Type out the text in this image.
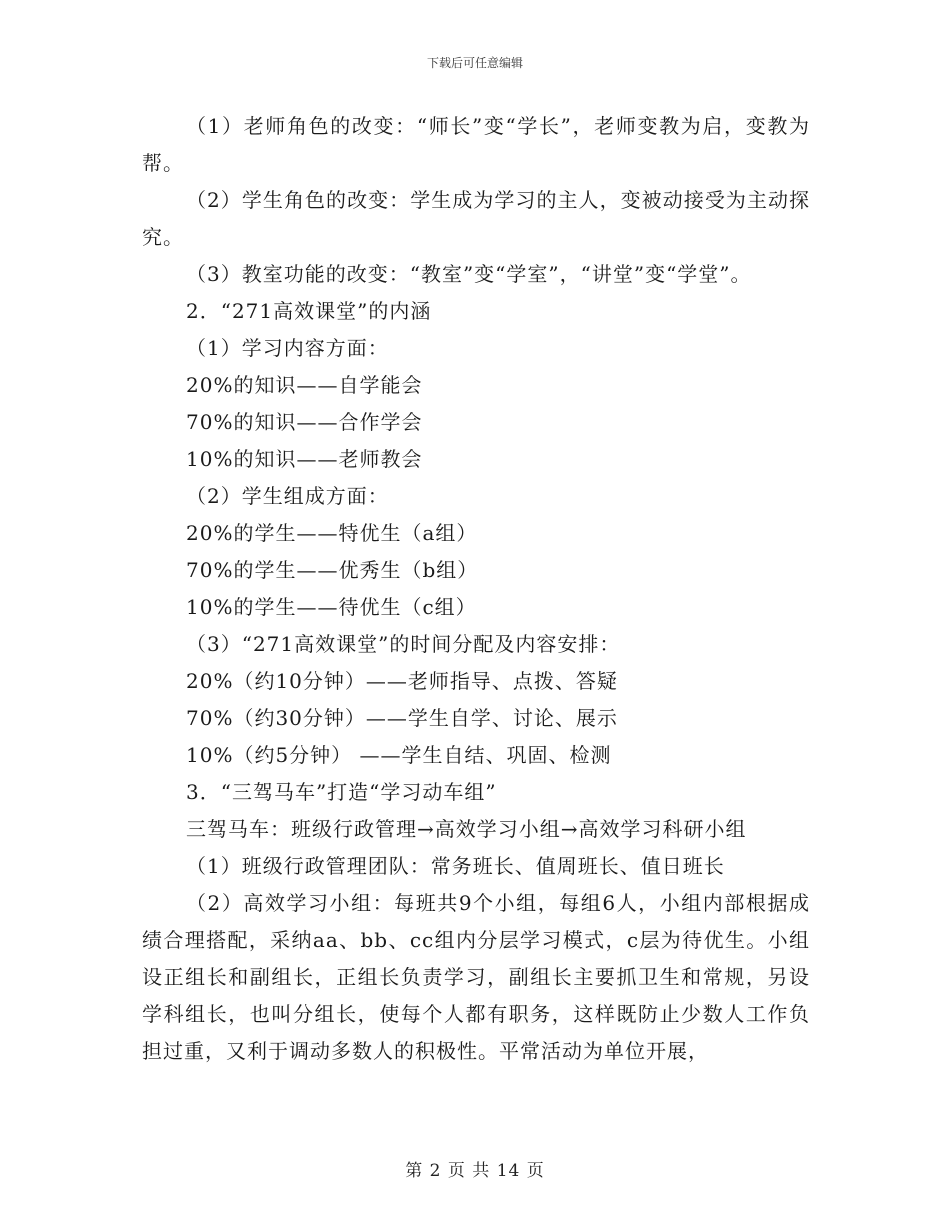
下载后可任意编辑

（1）老师角色的改变：“师长”变“学长”，老师变教为启，变教为帮。

（2）学生角色的改变：学生成为学习的主人，变被动接受为主动探究。

（3）教室功能的改变：“教室”变“学室”，“讲堂”变“学堂”。

2．“271高效课堂”的内涵

（1）学习内容方面：

20%的知识——自学能会

70%的知识——合作学会

10%的知识——老师教会

（2）学生组成方面：

20%的学生——特优生（a组）

70%的学生——优秀生（b组）

10%的学生——待优生（c组）

（3）“271高效课堂”的时间分配及内容安排：

20%（约10分钟）——老师指导、点拨、答疑

70%（约30分钟）——学生自学、讨论、展示

10%（约5分钟） ——学生自结、巩固、检测

3．“三驾马车”打造“学习动车组”

三驾马车：班级行政管理→高效学习小组→高效学习科研小组

（1）班级行政管理团队：常务班长、值周班长、值日班长

（2）高效学习小组：每班共9个小组，每组6人，小组内部根据成绩合理搭配，采纳aa、bb、cc组内分层学习模式，c层为待优生。小组设正组长和副组长，正组长负责学习，副组长主要抓卫生和常规，另设学科组长，也叫分组长，使每个人都有职务，这样既防止少数人工作负担过重，又利于调动多数人的积极性。平常活动为单位开展，

第 2 页 共 14 页
